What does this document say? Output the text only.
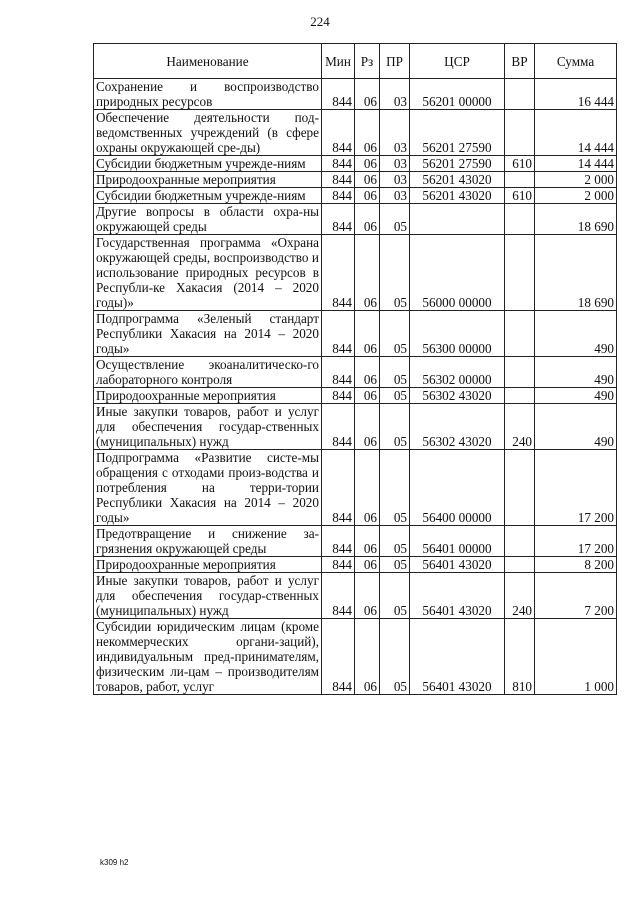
224
Наименование	Мин	Рз	ПР	ЦСР	ВР	Сумма
Сохранение и воспроизводство природных ресурсов	844	06	03	56201 00000		16 444
Обеспечение деятельности под-ведомственных учреждений (в сфере охраны окружающей сре-ды)	844	06	03	56201 27590		14 444
Субсидии бюджетным учрежде-ниям	844	06	03	56201 27590	610	14 444
Природоохранные мероприятия	844	06	03	56201 43020		2 000
Субсидии бюджетным учрежде-ниям	844	06	03	56201 43020	610	2 000
Другие вопросы в области охра-ны окружающей среды	844	06	05			18 690
Государственная программа «Охрана окружающей среды, воспроизводство и использование природных ресурсов в Республи-ке Хакасия (2014 – 2020 годы)»	844	06	05	56000 00000		18 690
Подпрограмма «Зеленый стандарт Республики Хакасия на 2014 – 2020 годы»	844	06	05	56300 00000		490
Осуществление экоаналитическо-го лабораторного контроля	844	06	05	56302 00000		490
Природоохранные мероприятия	844	06	05	56302 43020		490
Иные закупки товаров, работ и услуг для обеспечения государ-ственных (муниципальных) нужд	844	06	05	56302 43020	240	490
Подпрограмма «Развитие систе-мы обращения с отходами произ-водства и потребления на терри-тории Республики Хакасия на 2014 – 2020 годы»	844	06	05	56400 00000		17 200
Предотвращение и снижение за-грязнения окружающей среды	844	06	05	56401 00000		17 200
Природоохранные мероприятия	844	06	05	56401 43020		8 200
Иные закупки товаров, работ и услуг для обеспечения государ-ственных (муниципальных) нужд	844	06	05	56401 43020	240	7 200
Субсидии юридическим лицам (кроме некоммерческих органи-заций), индивидуальным пред-принимателям, физическим ли-цам – производителям товаров, работ, услуг	844	06	05	56401 43020	810	1 000
k309 h2
